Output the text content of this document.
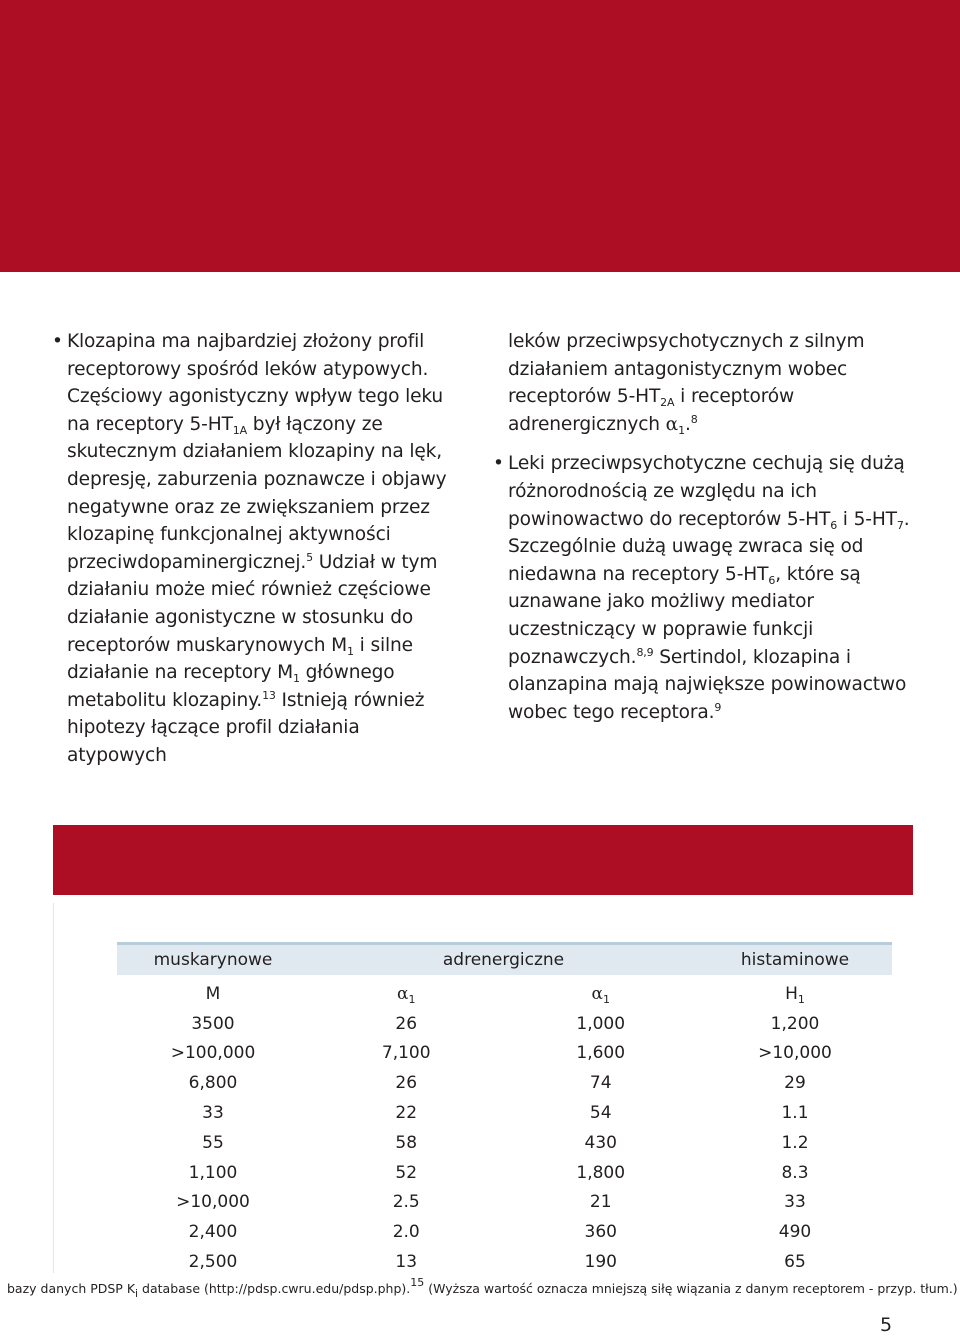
• Klozapina ma najbardziej złożony profil receptorowy spośród leków atypowych. Częściowy agonistyczny wpływ tego leku na receptory $5-HT_{1A}$ był łączony ze skutecznym działaniem klozapiny na lęk, depresję, zaburzenia poznawcze i objawy negatywne oraz ze zwiększaniem przez klozapinę funkcjonalnej aktywności przeciwdopaminergicznej.$^5$ Udział w tym działaniu może mieć również częściowe działanie agonistyczne w stosunku do receptorów muskarynowych $M_1$ i silne działanie na receptory $M_1$ głównego metabolitu klozapiny.$^{13}$ Istnieją również hipotezy łączące profil działania atypowych

leków przeciwpsychotycznych z silnym działaniem antagonistycznym wobec receptorów $5-HT_{2A}$ i receptorów adrenergicznych $\alpha_1.^8$

• Leki przeciwpsychotyczne cechują się dużą różnorodnością ze względu na ich powinowactwo do receptorów $5-HT_6$ i $5-HT_7$. Szczególnie dużą uwagę zwraca się od niedawna na receptory $5-HT_6$, które są uznawane jako możliwy mediator uczestniczący w poprawie funkcji poznawczych.$^{8,9}$ Sertindol, klozapina i olanzapina mają największe powinowactwo wobec tego receptora.$^9$

muskarynowe	adrenergiczne		histaminowe
M	$\alpha_1$	$\alpha_1$	$H_1$
3500	26	1,000	1,200
>100,000	7,100	1,600	>10,000
6,800	26	74	29
33	22	54	1.1
55	58	430	1.2
1,100	52	1,800	8.3
>10,000	2.5	21	33
2,400	2.0	360	490
2,500	13	190	65
bazy danych PDSP $K_i$ database (http://pdsp.cwru.edu/pdsp.php).$^{15}$ (Wyższa wartość oznacza mniejszą siłę wiązania z danym receptorem - przyp. tłum.)
5
